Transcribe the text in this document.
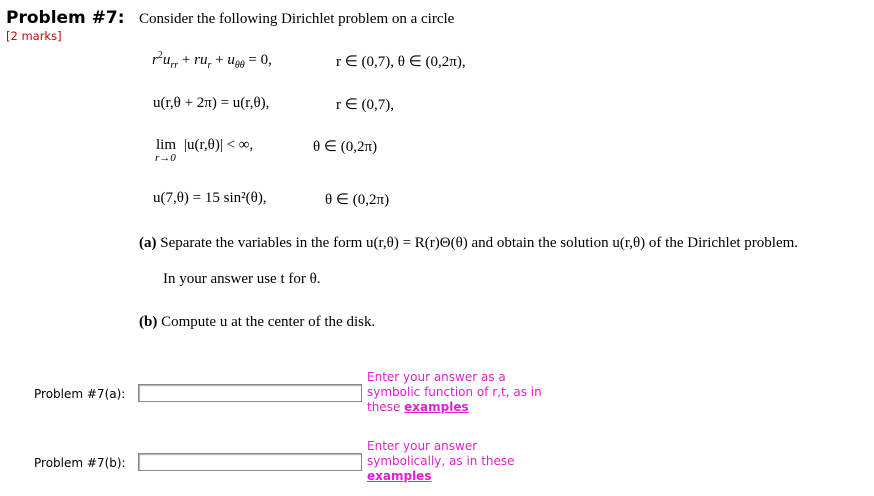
Problem #7: Consider the following Dirichlet problem on a circle
[2 marks]
$r^2u_{rr} + ru_r + u_{\theta\theta} = 0$,	r ∈ (0,7), θ ∈ (0,2π),
u(r,θ + 2π) = u(r,θ),	r ∈ (0,7),
lim
r→0
|u(r,θ)| < ∞,	θ ∈ (0,2π)
u(7,θ) = 15 sin²(θ),	θ ∈ (0,2π)
(a) Separate the variables in the form u(r,θ) = R(r)Θ(θ) and obtain the solution u(r,θ) of the Dirichlet problem.
In your answer use t for θ.
(b) Compute u at the center of the disk.
Problem #7(a):
Enter your answer as a symbolic function of r,t, as in these examples
Problem #7(b):
Enter your answer symbolically, as in these examples
